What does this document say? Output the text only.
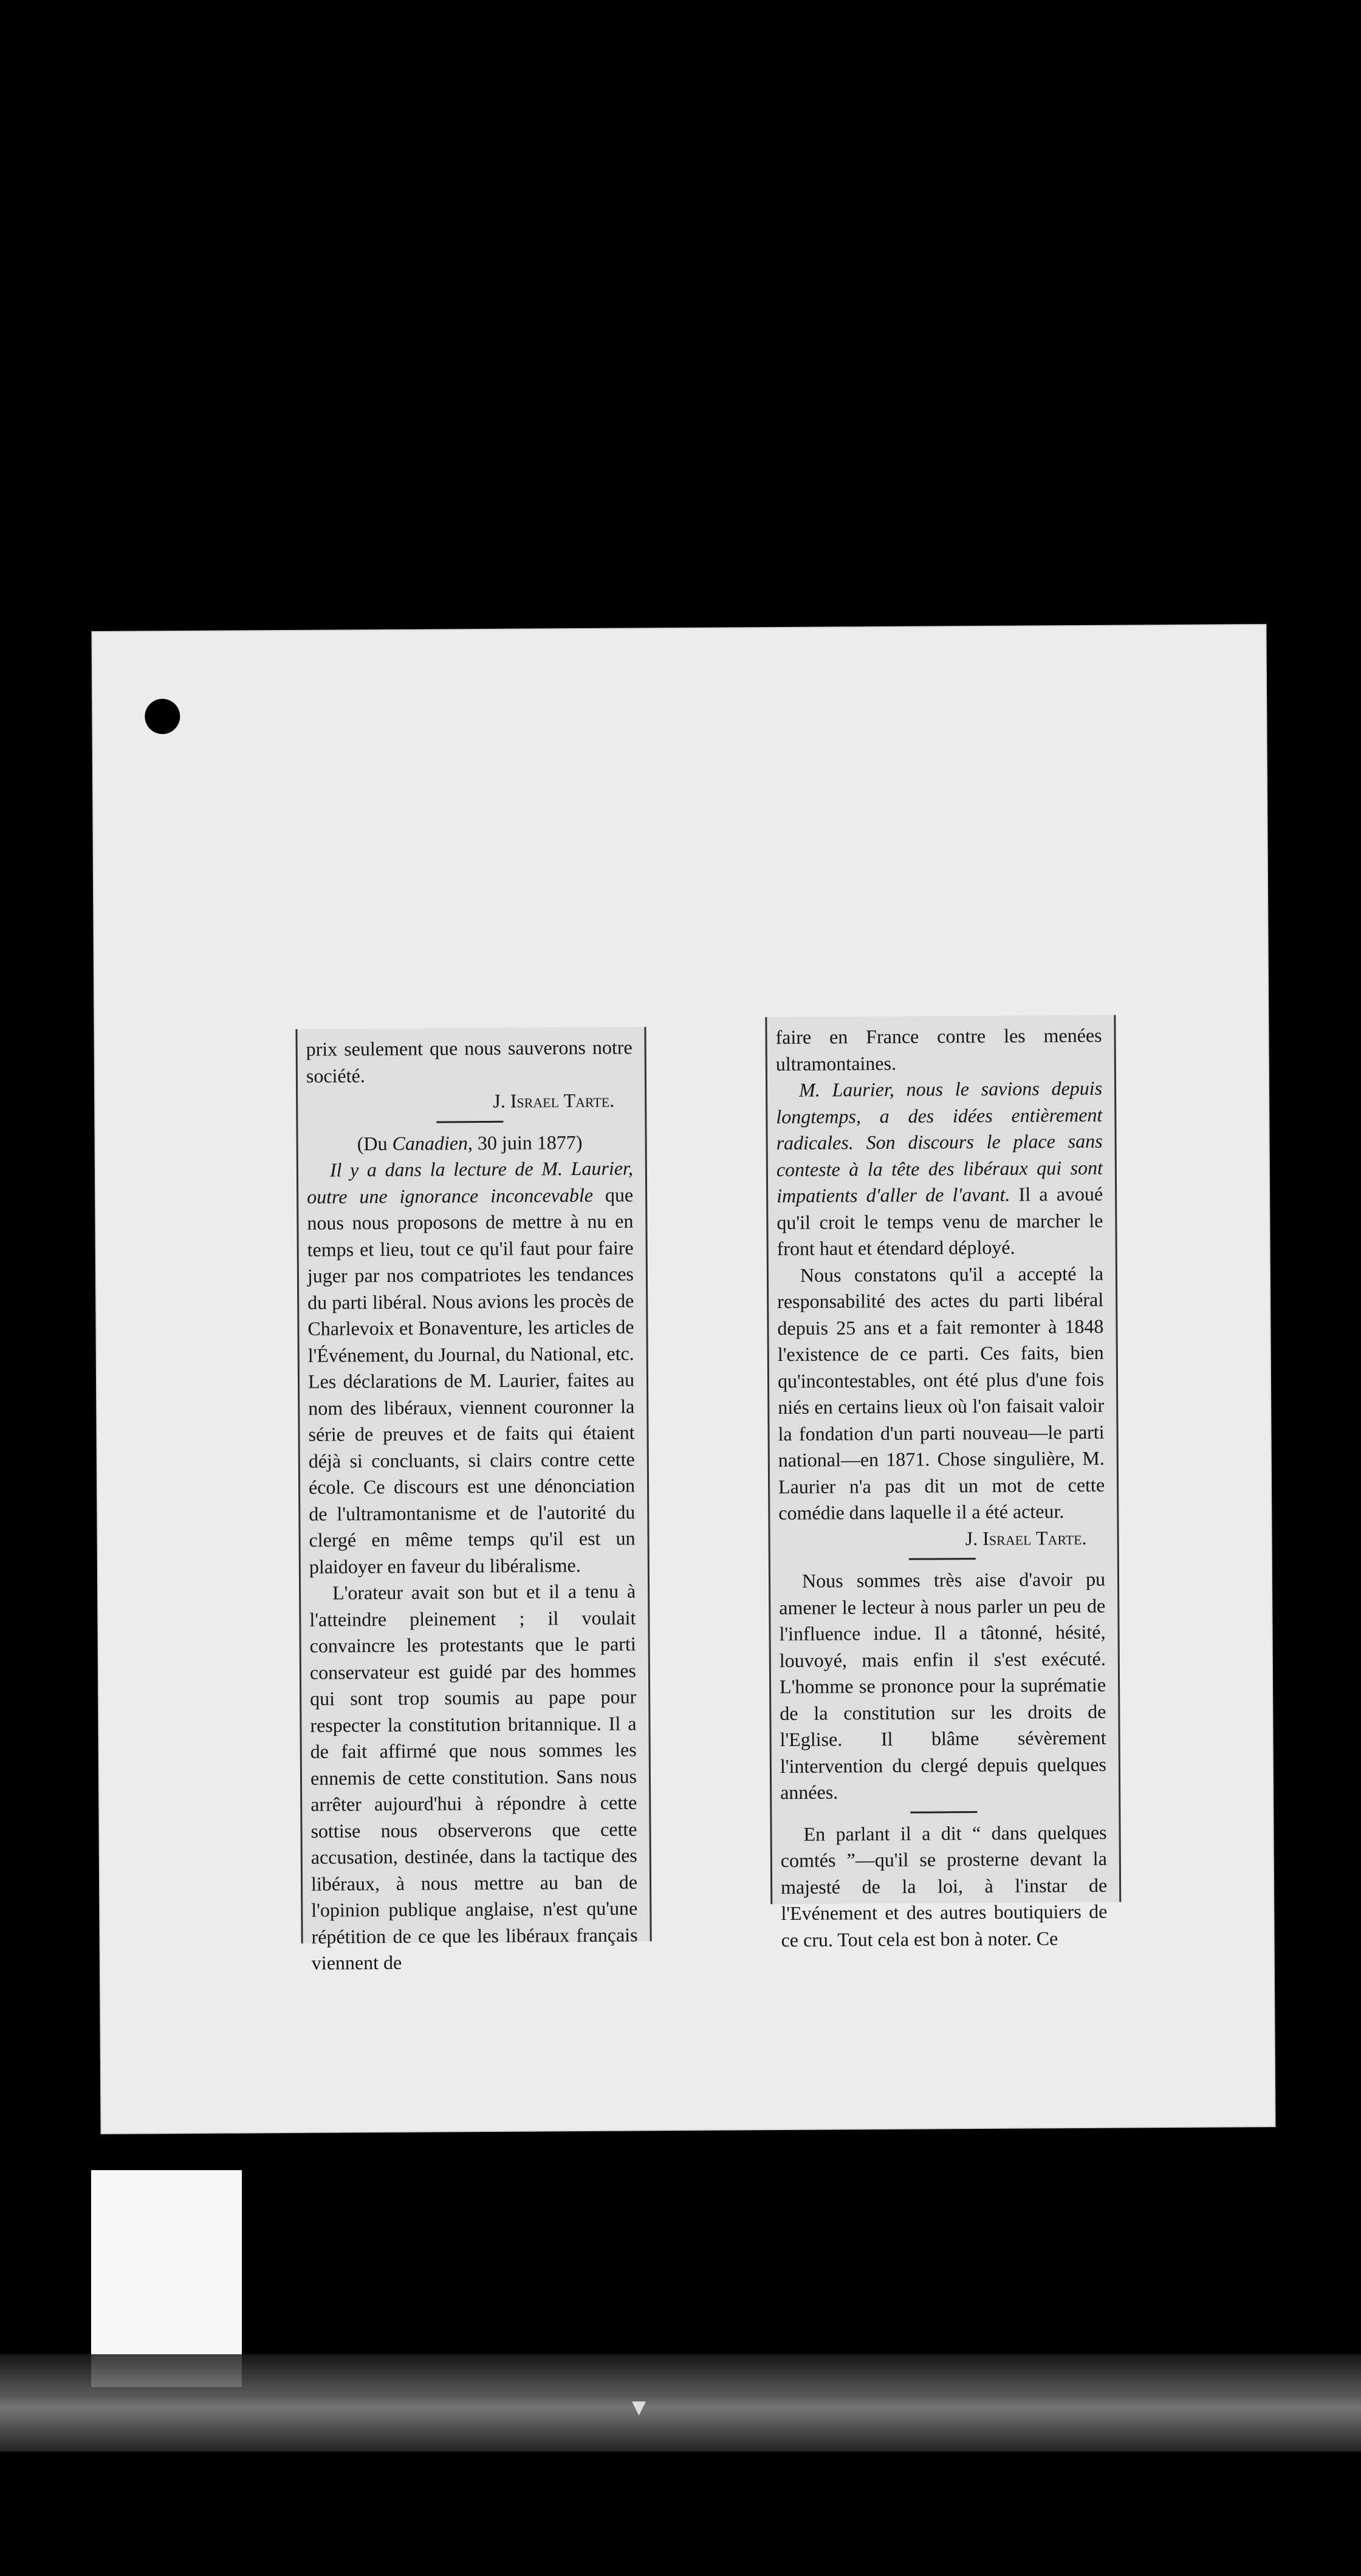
prix seulement que nous sauverons notre société.

J. Israel Tarte.

(Du Canadien, 30 juin 1877)

Il y a dans la lecture de M. Laurier, outre une ignorance inconcevable que nous nous proposons de mettre à nu en temps et lieu, tout ce qu'il faut pour faire juger par nos compatriotes les tendances du parti libéral. Nous avions les procès de Charlevoix et Bonaventure, les articles de l'Événement, du Journal, du National, etc. Les déclarations de M. Laurier, faites au nom des libéraux, viennent couronner la série de preuves et de faits qui étaient déjà si concluants, si clairs contre cette école. Ce discours est une dénonciation de l'ultramontanisme et de l'autorité du clergé en même temps qu'il est un plaidoyer en faveur du libéralisme.

L'orateur avait son but et il a tenu à l'atteindre pleinement ; il voulait convaincre les protestants que le parti conservateur est guidé par des hommes qui sont trop soumis au pape pour respecter la constitution britannique. Il a de fait affirmé que nous sommes les ennemis de cette constitution. Sans nous arrêter aujourd'hui à répondre à cette sottise nous observerons que cette accusation, destinée, dans la tactique des libéraux, à nous mettre au ban de l'opinion publique anglaise, n'est qu'une répétition de ce que les libéraux français viennent de

faire en France contre les menées ultramontaines.

M. Laurier, nous le savions depuis longtemps, a des idées entièrement radicales. Son discours le place sans conteste à la tête des libéraux qui sont impatients d'aller de l'avant. Il a avoué qu'il croit le temps venu de marcher le front haut et étendard déployé.

Nous constatons qu'il a accepté la responsabilité des actes du parti libéral depuis 25 ans et a fait remonter à 1848 l'existence de ce parti. Ces faits, bien qu'incontestables, ont été plus d'une fois niés en certains lieux où l'on faisait valoir la fondation d'un parti nouveau—le parti national—en 1871. Chose singulière, M. Laurier n'a pas dit un mot de cette comédie dans laquelle il a été acteur.

J. Israel Tarte.

Nous sommes très aise d'avoir pu amener le lecteur à nous parler un peu de l'influence indue. Il a tâtonné, hésité, louvoyé, mais enfin il s'est exécuté. L'homme se prononce pour la suprématie de la constitution sur les droits de l'Eglise. Il blâme sévèrement l'intervention du clergé depuis quelques années.

En parlant il a dit “ dans quelques comtés ”—qu'il se prosterne devant la majesté de la loi, à l'instar de l'Evénement et des autres boutiquiers de ce cru. Tout cela est bon à noter. Ce

▼
